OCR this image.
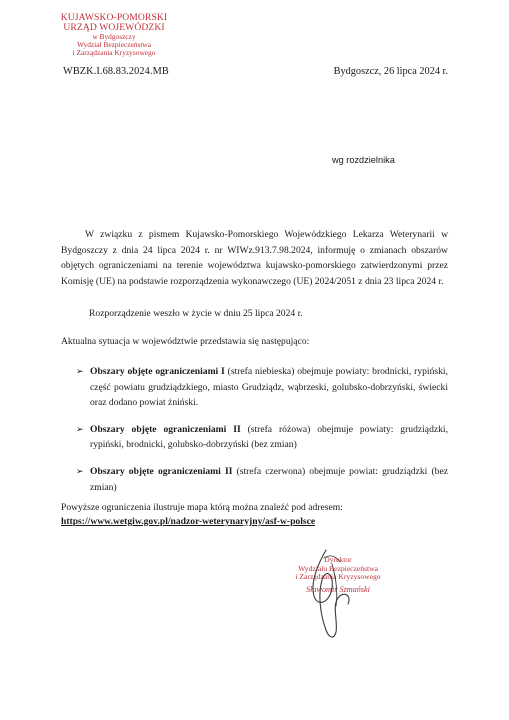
KUJAWSKO-POMORSKI
URZĄD WOJEWÓDZKI
w Bydgoszczy
Wydział Bezpieczeństwa
i Zarządzania Kryzysowego
WBZK.I.68.83.2024.MB	Bydgoszcz, 26 lipca 2024 r.
wg rozdzielnika

W związku z pismem Kujawsko-Pomorskiego Wojewódzkiego Lekarza Weterynarii w Bydgoszczy z dnia 24 lipca 2024 r. nr WIWz.913.7.98.2024, informuję o zmianach obszarów objętych ograniczeniami na terenie województwa kujawsko-pomorskiego zatwierdzonymi przez Komisję (UE) na podstawie rozporządzenia wykonawczego (UE) 2024/2051 z dnia 23 lipca 2024 r.

Rozporządzenie weszło w życie w dniu 25 lipca 2024 r.
Aktualna sytuacja w województwie przedstawia się następująco:

➢ Obszary objęte ograniczeniami I (strefa niebieska) obejmuje powiaty: brodnicki, rypiński, część powiatu grudziądzkiego, miasto Grudziądz, wąbrzeski, golubsko-dobrzyński, świecki oraz dodano powiat żniński.

➢ Obszary objęte ograniczeniami II (strefa różowa) obejmuje powiaty: grudziądzki, rypiński, brodnicki, golubsko-dobrzyński (bez zmian)

➢ Obszary objęte ograniczeniami II (strefa czerwona) obejmuje powiat: grudziądzki (bez zmian)

Powyższe ograniczenia ilustruje mapa którą można znaleźć pod adresem:
https://www.wetgiw.gov.pl/nadzor-weterynaryjny/asf-w-polsce
Dyrektor
Wydziału Bezpieczeństwa
i Zarządzania Kryzysowego
Sławomir Szmański
